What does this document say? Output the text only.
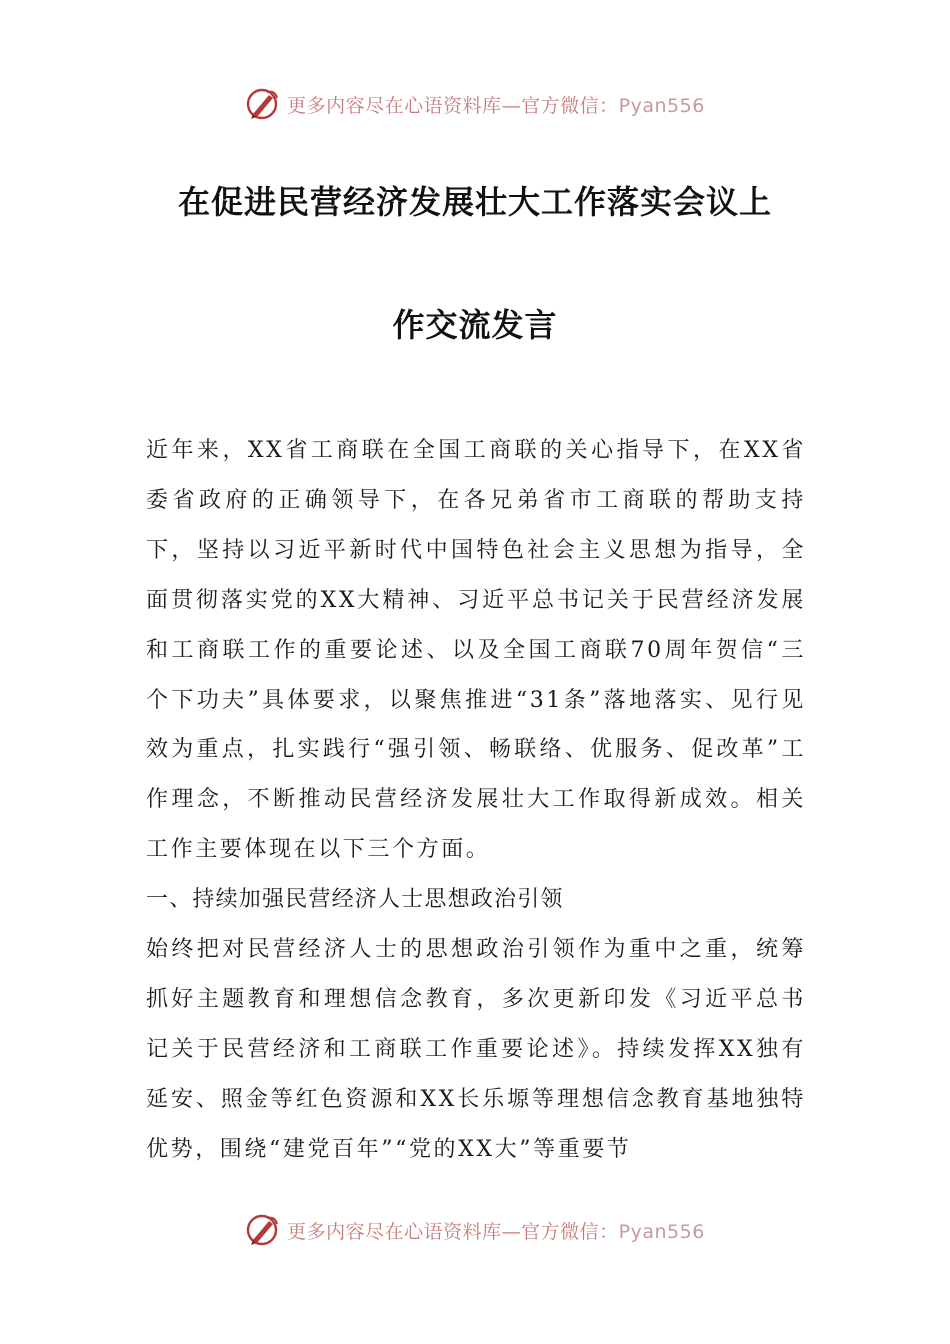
更多内容尽在心语资料库—官方微信：Pyan556
在促进民营经济发展壮大工作落实会议上
作交流发言

近年来，XX省工商联在全国工商联的关心指导下，在XX省委省政府的正确领导下，在各兄弟省市工商联的帮助支持下，坚持以习近平新时代中国特色社会主义思想为指导，全面贯彻落实党的XX大精神、习近平总书记关于民营经济发展和工商联工作的重要论述、以及全国工商联70周年贺信“三个下功夫”具体要求，以聚焦推进“31条”落地落实、见行见效为重点，扎实践行“强引领、畅联络、优服务、促改革”工作理念，不断推动民营经济发展壮大工作取得新成效。相关工作主要体现在以下三个方面。

一、持续加强民营经济人士思想政治引领

始终把对民营经济人士的思想政治引领作为重中之重，统筹抓好主题教育和理想信念教育，多次更新印发《习近平总书记关于民营经济和工商联工作重要论述》。持续发挥XX独有延安、照金等红色资源和XX长乐塬等理想信念教育基地独特优势，围绕“建党百年”“党的XX大”等重要节

更多内容尽在心语资料库—官方微信：Pyan556
